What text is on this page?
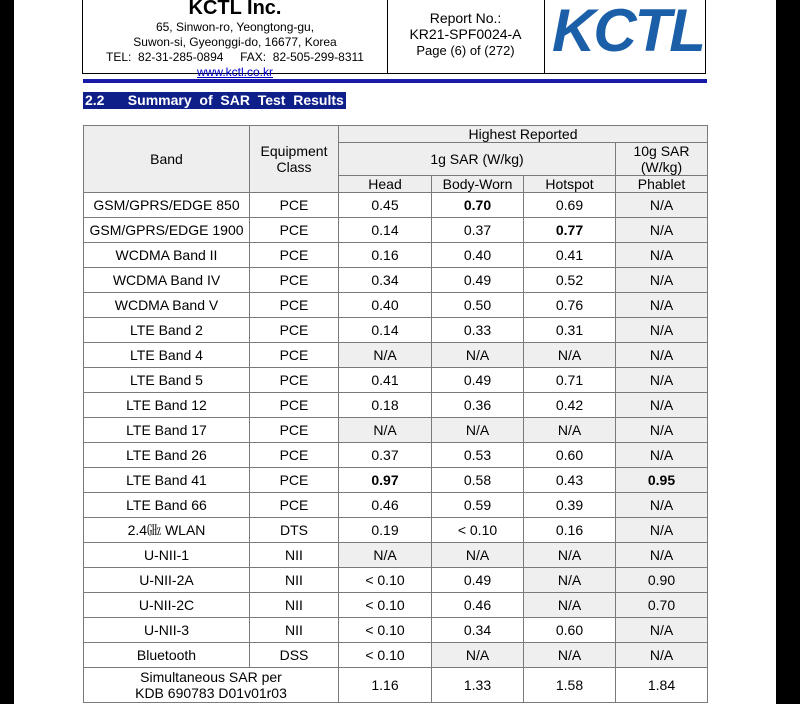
KCTL Inc.
65, Sinwon-ro, Yeongtong-gu,
Suwon-si, Gyeonggi-do, 16677, Korea
TEL:  82-31-285-0894     FAX:  82-505-299-8311
www.kctl.co.kr
Report No.:
KR21-SPF0024-A
Page (6) of (272) KCTL
2.2      Summary  of  SAR  Test  Results
Band	Equipment Class	Highest Reported			
		1g SAR (W/kg)			10g SAR (W/kg)

		Head	Body-Worn	Hotspot	Phablet
GSM/GPRS/EDGE 850	PCE	0.45	0.70	0.69	N/A
GSM/GPRS/EDGE 1900	PCE	0.14	0.37	0.77	N/A
WCDMA Band II	PCE	0.16	0.40	0.41	N/A
WCDMA Band IV	PCE	0.34	0.49	0.52	N/A
WCDMA Band V	PCE	0.40	0.50	0.76	N/A
LTE Band 2	PCE	0.14	0.33	0.31	N/A
LTE Band 4	PCE	N/A	N/A	N/A	N/A
LTE Band 5	PCE	0.41	0.49	0.71	N/A
LTE Band 12	PCE	0.18	0.36	0.42	N/A
LTE Band 17	PCE	N/A	N/A	N/A	N/A
LTE Band 26	PCE	0.37	0.53	0.60	N/A
LTE Band 41	PCE	0.97	0.58	0.43	0.95
LTE Band 66	PCE	0.46	0.59	0.39	N/A
2.4㎓ WLAN	DTS	0.19	< 0.10	0.16	N/A
U-NII-1	NII	N/A	N/A	N/A	N/A
U-NII-2A	NII	< 0.10	0.49	N/A	0.90
U-NII-2C	NII	< 0.10	0.46	N/A	0.70
U-NII-3	NII	< 0.10	0.34	0.60	N/A
Bluetooth	DSS	< 0.10	N/A	N/A	N/A

Simultaneous SAR per
KDB 690783 D01v01r03		1.16	1.33	1.58	1.84
